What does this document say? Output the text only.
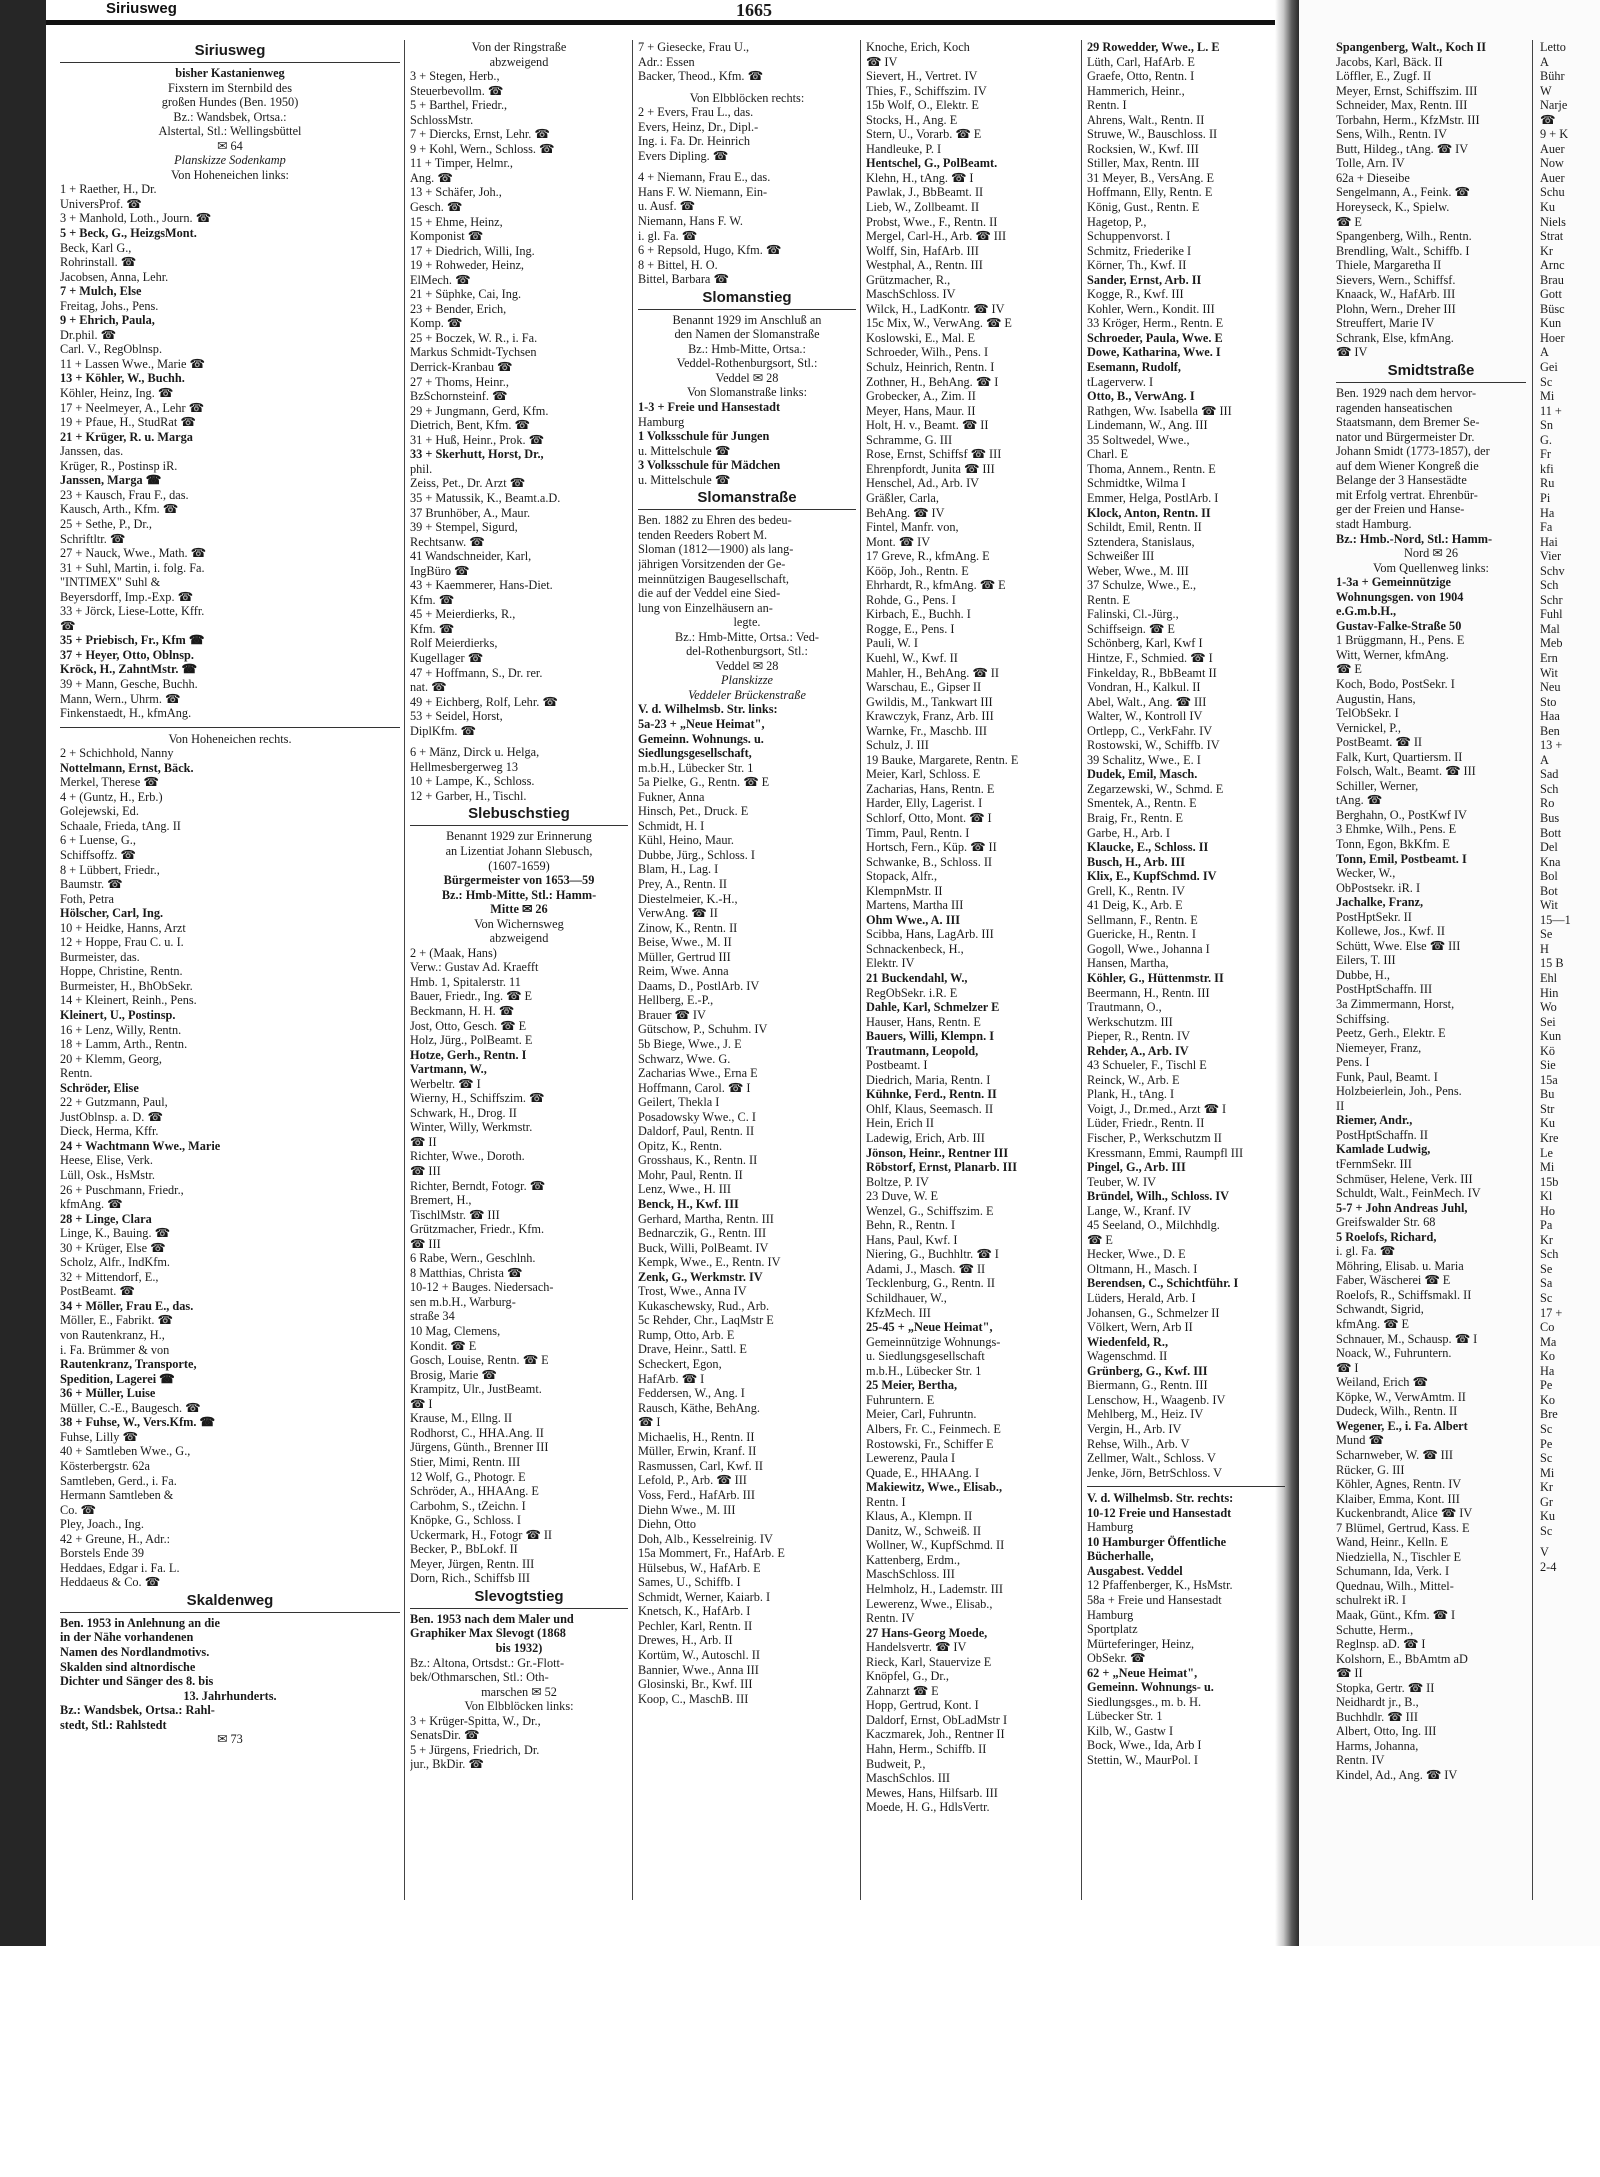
Siriusweg	1665
Siriusweg
bisher Kastanienweg
Fixstern im Sternbild des
großen Hundes (Ben. 1950)
Bz.: Wandsbek, Ortsa.:
Alstertal, Stl.: Wellingsbüttel
✉ 64
Planskizze Sodenkamp
Von Hoheneichen links:
1 + Raether, H., Dr.
UniversProf. ☎
3 + Manhold, Loth., Journ. ☎
5 + Beck, G., HeizgsMont.
Beck, Karl G.,
Rohrinstall. ☎
Jacobsen, Anna, Lehr.
7 + Mulch, Else
Freitag, Johs., Pens.
9 + Ehrich, Paula,
Dr.phil. ☎
Carl. V., RegOblnsp.
11 + Lassen Wwe., Marie ☎
13 + Köhler, W., Buchh.
Köhler, Heinz, Ing. ☎
17 + Neelmeyer, A., Lehr ☎
19 + Pfaue, H., StudRat ☎
21 + Krüger, R. u. Marga
Janssen, das.
Krüger, R., Postinsp iR.
Janssen, Marga ☎
23 + Kausch, Frau F., das.
Kausch, Arth., Kfm. ☎
25 + Sethe, P., Dr.,
Schriftltr. ☎
27 + Nauck, Wwe., Math. ☎
31 + Suhl, Martin, i. folg. Fa.
"INTIMEX" Suhl &
Beyersdorff, Imp.-Exp. ☎
33 + Jörck, Liese-Lotte, Kffr.
☎
35 + Priebisch, Fr., Kfm ☎
37 + Heyer, Otto, Oblnsp.
Kröck, H., ZahntMstr. ☎
39 + Mann, Gesche, Buchh.
Mann, Wern., Uhrm. ☎
Finkenstaedt, H., kfmAng.
Von Hoheneichen rechts.
2 + Schichhold, Nanny
Nottelmann, Ernst, Bäck.
Merkel, Therese ☎
4 + (Guntz, H., Erb.)
Golejewski, Ed.
Schaale, Frieda, tAng. II
6 + Luense, G.,
Schiffsoffz. ☎
8 + Lübbert, Friedr.,
Baumstr. ☎
Foth, Petra
Hölscher, Carl, Ing.
10 + Heidke, Hanns, Arzt
12 + Hoppe, Frau C. u. I.
Burmeister, das.
Hoppe, Christine, Rentn.
Burmeister, H., BhObSekr.
14 + Kleinert, Reinh., Pens.
Kleinert, U., Postinsp.
16 + Lenz, Willy, Rentn.
18 + Lamm, Arth., Rentn.
20 + Klemm, Georg,
Rentn.
Schröder, Elise
22 + Gutzmann, Paul,
JustOblnsp. a. D. ☎
Dieck, Herma, Kffr.
24 + Wachtmann Wwe., Marie
Heese, Elise, Verk.
Lüll, Osk., HsMstr.
26 + Puschmann, Friedr.,
kfmAng. ☎
28 + Linge, Clara
Linge, K., Bauing. ☎
30 + Krüger, Else ☎
Scholz, Alfr., IndKfm.
32 + Mittendorf, E.,
PostBeamt. ☎
34 + Möller, Frau E., das.
Möller, E., Fabrikt. ☎
von Rautenkranz, H.,
i. Fa. Brümmer & von
Rautenkranz, Transporte,
Spedition, Lagerei ☎
36 + Müller, Luise
Müller, C.-E., Baugesch. ☎
38 + Fuhse, W., Vers.Kfm. ☎
Fuhse, Lilly ☎
40 + Samtleben Wwe., G.,
Kösterbergstr. 62a
Samtleben, Gerd., i. Fa.
Hermann Samtleben &
Co. ☎
Pley, Joach., Ing.
42 + Greune, H., Adr.:
Borstels Ende 39
Heddaes, Edgar i. Fa. L.
Heddaeus & Co. ☎
Skaldenweg
Ben. 1953 in Anlehnung an die
in der Nähe vorhandenen
Namen des Nordlandmotivs.
Skalden sind altnordische
Dichter und Sänger des 8. bis
13. Jahrhunderts.
Bz.: Wandsbek, Ortsa.: Rahl-
stedt, Stl.: Rahlstedt
✉ 73
Von der Ringstraße
abzweigend
3 + Stegen, Herb.,
Steuerbevollm. ☎
5 + Barthel, Friedr.,
SchlossMstr.
7 + Diercks, Ernst, Lehr. ☎
9 + Kohl, Wern., Schloss. ☎
11 + Timper, Helmr.,
Ang. ☎
13 + Schäfer, Joh.,
Gesch. ☎
15 + Ehme, Heinz,
Komponist ☎
17 + Diedrich, Willi, Ing.
19 + Rohweder, Heinz,
ElMech. ☎
21 + Süphke, Cai, Ing.
23 + Bender, Erich,
Komp. ☎
25 + Boczek, W. R., i. Fa.
Markus Schmidt-Tychsen
Derrick-Kranbau ☎
27 + Thoms, Heinr.,
BzSchornsteinf. ☎
29 + Jungmann, Gerd, Kfm.
Dietrich, Bent, Kfm. ☎
31 + Huß, Heinr., Prok. ☎
33 + Skerhutt, Horst, Dr.,
phil.
Zeiss, Pet., Dr. Arzt ☎
35 + Matussik, K., Beamt.a.D.
37 Brunhöber, A., Maur.
39 + Stempel, Sigurd,
Rechtsanw. ☎
41 Wandschneider, Karl,
IngBüro ☎
43 + Kaemmerer, Hans-Diet.
Kfm. ☎
45 + Meierdierks, R.,
Kfm. ☎
Rolf Meierdierks,
Kugellager ☎
47 + Hoffmann, S., Dr. rer.
nat. ☎
49 + Eichberg, Rolf, Lehr. ☎
53 + Seidel, Horst,
DiplKfm. ☎
6 + Mänz, Dirck u. Helga,
Hellmesbergerweg 13
10 + Lampe, K., Schloss.
12 + Garber, H., Tischl.
Slebuschstieg
Benannt 1929 zur Erinnerung
an Lizentiat Johann Slebusch,
(1607-1659)
Bürgermeister von 1653—59
Bz.: Hmb-Mitte, Stl.: Hamm-
Mitte ✉ 26
Von Wichernsweg
abzweigend
2 + (Maak, Hans)
Verw.: Gustav Ad. Kraefft
Hmb. 1, Spitalerstr. 11
Bauer, Friedr., Ing. ☎ E
Beckmann, H. H. ☎
Jost, Otto, Gesch. ☎ E
Holz, Jürg., PolBeamt. E
Hotze, Gerh., Rentn. I
Vartmann, W.,
Werbeltr. ☎ I
Wierny, H., Schiffszim. ☎
Schwark, H., Drog. II
Winter, Willy, Werkmstr.
☎ II
Richter, Wwe., Doroth.
☎ III
Richter, Berndt, Fotogr. ☎
Bremert, H.,
TischlMstr. ☎ III
Grützmacher, Friedr., Kfm.
☎ III
6 Rabe, Wern., Geschlnh.
8 Matthias, Christa ☎
10-12 + Bauges. Niedersach-
sen m.b.H., Warburg-
straße 34
10 Mag, Clemens,
Kondit. ☎ E
Gosch, Louise, Rentn. ☎ E
Brosig, Marie ☎
Krampitz, Ulr., JustBeamt.
☎ I
Krause, M., Ellng. II
Rodhorst, C., HHA.Ang. II
Jürgens, Günth., Brenner III
Stier, Mimi, Rentn. III
12 Wolf, G., Photogr. E
Schröder, A., HHAAng. E
Carbohm, S., tZeichn. I
Knöpke, G., Schloss. I
Uckermark, H., Fotogr ☎ II
Becker, P., BbLokf. II
Meyer, Jürgen, Rentn. III
Dorn, Rich., Schiffsb III
Slevogtstieg
Ben. 1953 nach dem Maler und
Graphiker Max Slevogt (1868
bis 1932)
Bz.: Altona, Ortsdst.: Gr.-Flott-
bek/Othmarschen, Stl.: Oth-
marschen ✉ 52
Von Elbblöcken links:
3 + Krüger-Spitta, W., Dr.,
SenatsDir. ☎
5 + Jürgens, Friedrich, Dr.
jur., BkDir. ☎
7 + Giesecke, Frau U.,
Adr.: Essen
Backer, Theod., Kfm. ☎
Von Elbblöcken rechts:
2 + Evers, Frau L., das.
Evers, Heinz, Dr., Dipl.-
Ing. i. Fa. Dr. Heinrich
Evers Dipling. ☎
4 + Niemann, Frau E., das.
Hans F. W. Niemann, Ein-
u. Ausf. ☎
Niemann, Hans F. W.
i. gl. Fa. ☎
6 + Repsold, Hugo, Kfm. ☎
8 + Bittel, H. O.
Bittel, Barbara ☎
Slomanstieg
Benannt 1929 im Anschluß an
den Namen der Slomanstraße
Bz.: Hmb-Mitte, Ortsa.:
Veddel-Rothenburgsort, Stl.:
Veddel ✉ 28
Von Slomanstraße links:
1-3 + Freie und Hansestadt
Hamburg
1 Volksschule für Jungen
u. Mittelschule ☎
3 Volksschule für Mädchen
u. Mittelschule ☎
Slomanstraße
Ben. 1882 zu Ehren des bedeu-
tenden Reeders Robert M.
Sloman (1812—1900) als lang-
jährigen Vorsitzenden der Ge-
meinnützigen Baugesellschaft,
die auf der Veddel eine Sied-
lung von Einzelhäusern an-
legte.
Bz.: Hmb-Mitte, Ortsa.: Ved-
del-Rothenburgsort, Stl.:
Veddel ✉ 28
Planskizze
Veddeler Brückenstraße
V. d. Wilhelmsb. Str. links:
5a-23 + „Neue Heimat",
Gemeinn. Wohnungs. u.
Siedlungsgesellschaft,
m.b.H., Lübecker Str. 1
5a Pielke, G., Rentn. ☎ E
Fukner, Anna
Hinsch, Pet., Druck. E
Schmidt, H. I
Kühl, Heino, Maur.
Dubbe, Jürg., Schloss. I
Blam, H., Lag. I
Prey, A., Rentn. II
Diestelmeier, K.-H.,
VerwAng. ☎ II
Zinow, K., Rentn. II
Beise, Wwe., M. II
Müller, Gertrud III
Reim, Wwe. Anna
Daams, D., PostlArb. IV
Hellberg, E.-P.,
Brauer ☎ IV
Gütschow, P., Schuhm. IV
5b Biege, Wwe., J. E
Schwarz, Wwe. G.
Zacharias Wwe., Erna E
Hoffmann, Carol. ☎ I
Geilert, Thekla I
Posadowsky Wwe., C. I
Daldorf, Paul, Rentn. II
Opitz, K., Rentn.
Grosshaus, K., Rentn. II
Mohr, Paul, Rentn. II
Lenz, Wwe., H. III
Benck, H., Kwf. III
Gerhard, Martha, Rentn. III
Bednarczik, G., Rentn. III
Buck, Willi, PolBeamt. IV
Kempk, Wwe., E., Rentn. IV
Zenk, G., Werkmstr. IV
Trost, Wwe., Anna IV
Kukaschewsky, Rud., Arb.
5c Rehder, Chr., LaqMstr E
Rump, Otto, Arb. E
Drave, Heinr., Sattl. E
Scheckert, Egon,
HafArb. ☎ I
Feddersen, W., Ang. I
Rausch, Käthe, BehAng.
☎ I
Michaelis, H., Rentn. II
Müller, Erwin, Kranf. II
Rasmussen, Carl, Kwf. II
Lefold, P., Arb. ☎ III
Voss, Ferd., HafArb. III
Diehn Wwe., M. III
Diehn, Otto
Doh, Alb., Kesselreinig. IV
15a Mommert, Fr., HafArb. E
Hülsebus, W., HafArb. E
Sames, U., Schiffb. I
Schmidt, Werner, Kaiarb. I
Knetsch, K., HafArb. I
Pechler, Karl, Rentn. II
Drewes, H., Arb. II
Kortüm, W., Autoschl. II
Bannier, Wwe., Anna III
Glosinski, Br., Kwf. III
Koop, C., MaschB. III
Knoche, Erich, Koch
☎ IV
Sievert, H., Vertret. IV
Thies, F., Schiffszim. IV
15b Wolf, O., Elektr. E
Stocks, H., Ang. E
Stern, U., Vorarb. ☎ E
Handleuke, P. I
Hentschel, G., PolBeamt.
Klehn, H., tAng. ☎ I
Pawlak, J., BbBeamt. II
Lieb, W., Zollbeamt. II
Probst, Wwe., F., Rentn. II
Mergel, Carl-H., Arb. ☎ III
Wolff, Sin, HafArb. III
Westphal, A., Rentn. III
Grützmacher, R.,
MaschSchloss. IV
Wilck, H., LadKontr. ☎ IV
15c Mix, W., VerwAng. ☎ E
Koslowski, E., Mal. E
Schroeder, Wilh., Pens. I
Schulz, Heinrich, Rentn. I
Zothner, H., BehAng. ☎ I
Grobecker, A., Zim. II
Meyer, Hans, Maur. II
Holt, H. v., Beamt. ☎ II
Schramme, G. III
Rose, Ernst, Schiffsf ☎ III
Ehrenpfordt, Junita ☎ III
Henschel, Ad., Arb. IV
Gräßler, Carla,
BehAng. ☎ IV
Fintel, Manfr. von,
Mont. ☎ IV
17 Greve, R., kfmAng. E
Kööp, Joh., Rentn. E
Ehrhardt, R., kfmAng. ☎ E
Rohde, G., Pens. I
Kirbach, E., Buchh. I
Rogge, E., Pens. I
Pauli, W. I
Kuehl, W., Kwf. II
Mahler, H., BehAng. ☎ II
Warschau, E., Gipser II
Gwildis, M., Tankwart III
Krawczyk, Franz, Arb. III
Warnke, Fr., Maschb. III
Schulz, J. III
19 Bauke, Margarete, Rentn. E
Meier, Karl, Schloss. E
Zacharias, Hans, Rentn. E
Harder, Elly, Lagerist. I
Schlorf, Otto, Mont. ☎ I
Timm, Paul, Rentn. I
Hortsch, Fern., Küp. ☎ II
Schwanke, B., Schloss. II
Stopack, Alfr.,
KlempnMstr. II
Martens, Martha III
Ohm Wwe., A. III
Scibba, Hans, LagArb. III
Schnackenbeck, H.,
Elektr. IV
21 Buckendahl, W.,
RegObSekr. i.R. E
Dahle, Karl, Schmelzer E
Hauser, Hans, Rentn. E
Bauers, Willi, Klempn. I
Trautmann, Leopold,
Postbeamt. I
Diedrich, Maria, Rentn. I
Kühnke, Ferd., Rentn. II
Ohlf, Klaus, Seemasch. II
Hein, Erich II
Ladewig, Erich, Arb. III
Jönson, Heinr., Rentner III
Röbstorf, Ernst, Planarb. III
Boltze, P. IV
23 Duve, W. E
Wenzel, G., Schiffszim. E
Behn, R., Rentn. I
Hans, Paul, Kwf. I
Niering, G., Buchhltr. ☎ I
Adami, J., Masch. ☎ II
Tecklenburg, G., Rentn. II
Schildhauer, W.,
KfzMech. III
25-45 + „Neue Heimat",
Gemeinnützige Wohnungs-
u. Siedlungsgesellschaft
m.b.H., Lübecker Str. 1
25 Meier, Bertha,
Fuhruntern. E
Meier, Carl, Fuhruntn.
Albers, Fr. C., Feinmech. E
Rostowski, Fr., Schiffer E
Lewerenz, Paula I
Quade, E., HHAAng. I
Makiewitz, Wwe., Elisab.,
Rentn. I
Klaus, A., Klempn. II
Danitz, W., Schweiß. II
Wollner, W., KupfSchmd. II
Kattenberg, Erdm.,
MaschSchloss. III
Helmholz, H., Lademstr. III
Lewerenz, Wwe., Elisab.,
Rentn. IV
27 Hans-Georg Moede,
Handelsvertr. ☎ IV
Rieck, Karl, Stauervize E
Knöpfel, G., Dr.,
Zahnarzt ☎ E
Hopp, Gertrud, Kont. I
Daldorf, Ernst, ObLadMstr I
Kaczmarek, Joh., Rentner II
Hahn, Herm., Schiffb. II
Budweit, P.,
MaschSchlos. III
Mewes, Hans, Hilfsarb. III
Moede, H. G., HdlsVertr.
29 Rowedder, Wwe., L. E
Lüth, Carl, HafArb. E
Graefe, Otto, Rentn. I
Hammerich, Heinr.,
Rentn. I
Ahrens, Walt., Rentn. II
Struwe, W., Bauschloss. II
Rocksien, W., Kwf. III
Stiller, Max, Rentn. III
31 Meyer, B., VersAng. E
Hoffmann, Elly, Rentn. E
König, Gust., Rentn. E
Hagetop, P.,
Schuppenvorst. I
Schmitz, Friederike I
Körner, Th., Kwf. II
Sander, Ernst, Arb. II
Kogge, R., Kwf. III
Kohler, Wern., Kondit. III
33 Kröger, Herm., Rentn. E
Schroeder, Paula, Wwe. E
Dowe, Katharina, Wwe. I
Esemann, Rudolf,
tLagerverw. I
Otto, B., VerwAng. I
Rathgen, Ww. Isabella ☎ III
Lindemann, W., Ang. III
35 Soltwedel, Wwe.,
Charl. E
Thoma, Annem., Rentn. E
Schmidtke, Wilma I
Emmer, Helga, PostlArb. I
Klock, Anton, Rentn. II
Schildt, Emil, Rentn. II
Sztendera, Stanislaus,
Schweißer III
Weber, Wwe., M. III
37 Schulze, Wwe., E.,
Rentn. E
Falinski, Cl.-Jürg.,
Schiffseign. ☎ E
Schönberg, Karl, Kwf I
Hintze, F., Schmied. ☎ I
Finkelday, R., BbBeamt II
Vondran, H., Kalkul. II
Abel, Walt., Ang. ☎ III
Walter, W., Kontroll IV
Ortlepp, C., VerkFahr. IV
Rostowski, W., Schiffb. IV
39 Schalitz, Wwe., E. I
Dudek, Emil, Masch.
Zegarzewski, W., Schmd. E
Smentek, A., Rentn. E
Braig, Fr., Rentn. E
Garbe, H., Arb. I
Klaucke, E., Schloss. II
Busch, H., Arb. III
Klix, E., KupfSchmd. IV
Grell, K., Rentn. IV
41 Deig, K., Arb. E
Sellmann, F., Rentn. E
Guericke, H., Rentn. I
Gogoll, Wwe., Johanna I
Hansen, Martha,
Köhler, G., Hüttenmstr. II
Beermann, H., Rentn. III
Trautmann, O.,
Werkschutzm. III
Pieper, R., Rentn. IV
Rehder, A., Arb. IV
43 Schueler, F., Tischl E
Reinck, W., Arb. E
Plank, H., tAng. I
Voigt, J., Dr.med., Arzt ☎ I
Lüder, Friedr., Rentn. II
Fischer, P., Werkschutzm II
Kressmann, Emmi, Raumpfl III
Pingel, G., Arb. III
Teuber, W. IV
Bründel, Wilh., Schloss. IV
Lange, W., Kranf. IV
45 Seeland, O., Milchhdlg.
☎ E
Hecker, Wwe., D. E
Oltmann, H., Masch. I
Berendsen, C., Schichtführ. I
Lüders, Herald, Arb. I
Johansen, G., Schmelzer II
Völkert, Wern, Arb II
Wiedenfeld, R.,
Wagenschmd. II
Grünberg, G., Kwf. III
Biermann, G., Rentn. III
Lenschow, H., Waagenb. IV
Mehlberg, M., Heiz. IV
Vergin, H., Arb. IV
Rehse, Wilh., Arb. V
Zellmer, Walt., Schloss. V
Jenke, Jörn, BetrSchloss. V
V. d. Wilhelmsb. Str. rechts:
10-12 Freie und Hansestadt
Hamburg
10 Hamburger Öffentliche
Bücherhalle,
Ausgabest. Veddel
12 Pfaffenberger, K., HsMstr.
58a + Freie und Hansestadt
Hamburg
Sportplatz
Mürteferinger, Heinz,
ObSekr. ☎
62 + „Neue Heimat",
Gemeinn. Wohnungs- u.
Siedlungsges., m. b. H.
Lübecker Str. 1
Kilb, W., Gastw I
Bock, Wwe., Ida, Arb I
Stettin, W., MaurPol. I
Spangenberg, Walt., Koch II
Jacobs, Karl, Bäck. II
Löffler, E., Zugf. II
Meyer, Ernst, Schiffszim. III
Schneider, Max, Rentn. III
Torbahn, Herm., KfzMstr. III
Sens, Wilh., Rentn. IV
Butt, Hildeg., tAng. ☎ IV
Tolle, Arn. IV
62a + Dieseibe
Sengelmann, A., Feink. ☎
Horeyseck, K., Spielw.
☎ E
Spangenberg, Wilh., Rentn.
Brendling, Walt., Schiffb. I
Thiele, Margaretha II
Sievers, Wern., Schiffsf.
Knaack, W., HafArb. III
Plohn, Wern., Dreher III
Streuffert, Marie IV
Schrank, Else, kfmAng.
☎ IV
Smidtstraße
Ben. 1929 nach dem hervor-
ragenden hanseatischen
Staatsmann, dem Bremer Se-
nator und Bürgermeister Dr.
Johann Smidt (1773-1857), der
auf dem Wiener Kongreß die
Belange der 3 Hansestädte
mit Erfolg vertrat. Ehrenbür-
ger der Freien und Hanse-
stadt Hamburg.
Bz.: Hmb.-Nord, Stl.: Hamm-
Nord ✉ 26
Vom Quellenweg links:
1-3a + Gemeinnützige
Wohnungsgen. von 1904
e.G.m.b.H.,
Gustav-Falke-Straße 50
1 Brüggmann, H., Pens. E
Witt, Werner, kfmAng.
☎ E
Koch, Bodo, PostSekr. I
Augustin, Hans,
TelObSekr. I
Vernickel, P.,
PostBeamt. ☎ II
Falk, Kurt, Quartiersm. II
Folsch, Walt., Beamt. ☎ III
Schiller, Werner,
tAng. ☎
Berghahn, O., PostKwf IV
3 Ehmke, Wilh., Pens. E
Tonn, Egon, BkKfm. E
Tonn, Emil, Postbeamt. I
Wecker, W.,
ObPostsekr. iR. I
Jachalke, Franz,
PostHptSekr. II
Kollewe, Jos., Kwf. II
Schütt, Wwe. Else ☎ III
Eilers, T. III
Dubbe, H.,
PostHptSchaffn. III
3a Zimmermann, Horst,
Schiffsing.
Peetz, Gerh., Elektr. E
Niemeyer, Franz,
Pens. I
Funk, Paul, Beamt. I
Holzbeierlein, Joh., Pens.
II
Riemer, Andr.,
PostHptSchaffn. II
Kamlade Ludwig,
tFernmSekr. III
Schmüser, Helene, Verk. III
Schuldt, Walt., FeinMech. IV
5-7 + John Andreas Juhl,
Greifswalder Str. 68
5 Roelofs, Richard,
i. gl. Fa. ☎
Möhring, Elisab. u. Maria
Faber, Wäscherei ☎ E
Roelofs, R., Schiffsmakl. II
Schwandt, Sigrid,
kfmAng. ☎ E
Schnauer, M., Schausp. ☎ I
Noack, W., Fuhruntern.
☎ I
Weiland, Erich ☎
Köpke, W., VerwAmtm. II
Dudeck, Wilh., Rentn. II
Wegener, E., i. Fa. Albert
Mund ☎
Scharnweber, W. ☎ III
Rücker, G. III
Köhler, Agnes, Rentn. IV
Klaiber, Emma, Kont. III
Kuckenbrandt, Alice ☎ IV
7 Blümel, Gertrud, Kass. E
Wand, Heinr., Kelln. E
Niedziella, N., Tischler E
Schumann, Ida, Verk. I
Quednau, Wilh., Mittel-
schulrekt iR. I
Maak, Günt., Kfm. ☎ I
Schutte, Herm.,
Reglnsp. aD. ☎ I
Kolshorn, E., BbAmtm aD
☎ II
Stopka, Gertr. ☎ II
Neidhardt jr., B.,
Buchhdlr. ☎ III
Albert, Otto, Ing. III
Harms, Johanna,
Rentn. IV
Kindel, Ad., Ang. ☎ IV
Letto
A
Bühr
W
Narje
☎
9 + K
Auer
Now
Auer
Schu
Ku
Niels
Strat
Kr
Arnc
Brau
Gott
Büsc
Kun
Hoer
A
Gei
Sc
Mi
11 +
Sn
G.
Fr
kfi
Ru
Pi
Ha
Fa
Hai
Vier
Schv
Sch
Schr
Fuhl
Mal
Meb
Ern
Wit
Neu
Sto
Haa
Ben
13 +
A
Sad
Sch
Ro
Bus
Bott
Del
Kna
Bol
Bot
Wit
15—1
Se
H
15 B
Ehl
Hin
Wo
Sei
Kun
Kö
Sie
15a
Bu
Str
Ku
Kre
Le
Mi
15b
Kl
Ho
Pa
Kr
Sch
Se
Sa
Sc
17 +
Co
Ma
Ko
Ha
Pe
Ko
Bre
Sc
Pe
Sc
Mi
Kr
Gr
Ku
Sc
V
2-4
